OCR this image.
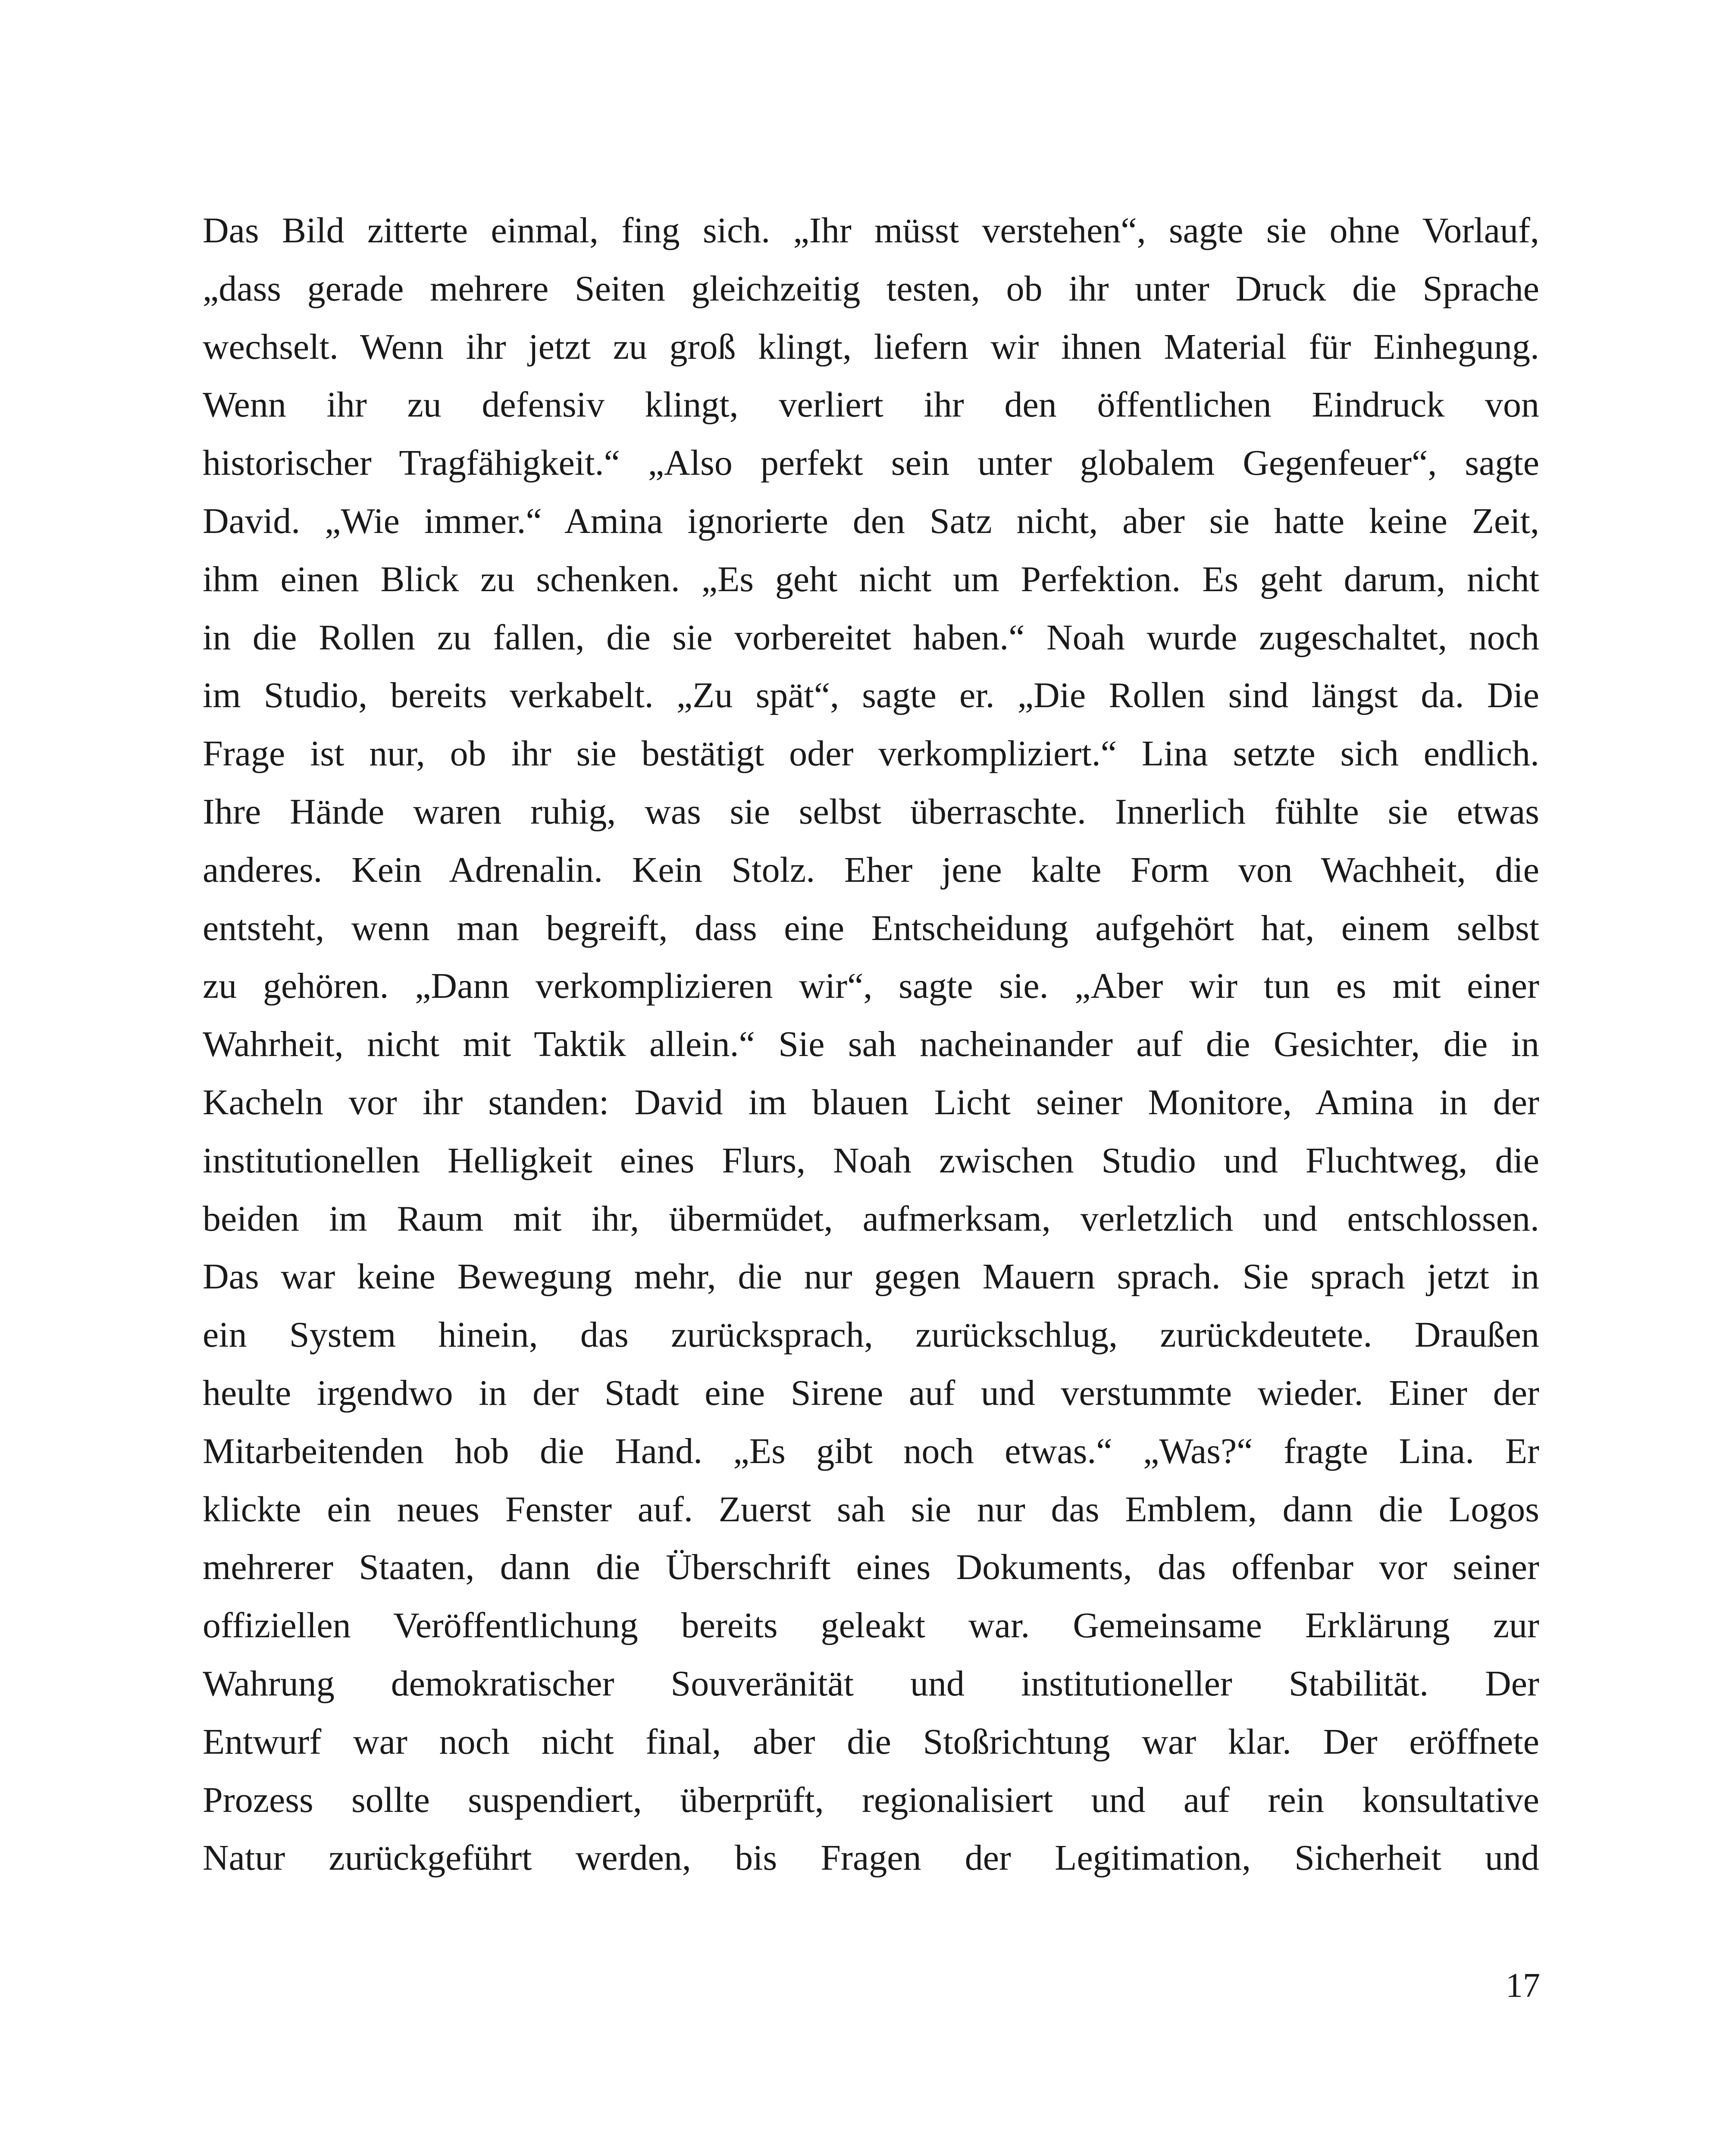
Das Bild zitterte einmal, fing sich. „Ihr müsst verstehen“, sagte sie ohne Vorlauf,
„dass gerade mehrere Seiten gleichzeitig testen, ob ihr unter Druck die Sprache
wechselt. Wenn ihr jetzt zu groß klingt, liefern wir ihnen Material für Einhegung.
Wenn ihr zu defensiv klingt, verliert ihr den öffentlichen Eindruck von
historischer Tragfähigkeit.“ „Also perfekt sein unter globalem Gegenfeuer“, sagte
David. „Wie immer.“ Amina ignorierte den Satz nicht, aber sie hatte keine Zeit,
ihm einen Blick zu schenken. „Es geht nicht um Perfektion. Es geht darum, nicht
in die Rollen zu fallen, die sie vorbereitet haben.“ Noah wurde zugeschaltet, noch
im Studio, bereits verkabelt. „Zu spät“, sagte er. „Die Rollen sind längst da. Die
Frage ist nur, ob ihr sie bestätigt oder verkompliziert.“ Lina setzte sich endlich.
Ihre Hände waren ruhig, was sie selbst überraschte. Innerlich fühlte sie etwas
anderes. Kein Adrenalin. Kein Stolz. Eher jene kalte Form von Wachheit, die
entsteht, wenn man begreift, dass eine Entscheidung aufgehört hat, einem selbst
zu gehören. „Dann verkomplizieren wir“, sagte sie. „Aber wir tun es mit einer
Wahrheit, nicht mit Taktik allein.“ Sie sah nacheinander auf die Gesichter, die in
Kacheln vor ihr standen: David im blauen Licht seiner Monitore, Amina in der
institutionellen Helligkeit eines Flurs, Noah zwischen Studio und Fluchtweg, die
beiden im Raum mit ihr, übermüdet, aufmerksam, verletzlich und entschlossen.
Das war keine Bewegung mehr, die nur gegen Mauern sprach. Sie sprach jetzt in
ein System hinein, das zurücksprach, zurückschlug, zurückdeutete. Draußen
heulte irgendwo in der Stadt eine Sirene auf und verstummte wieder. Einer der
Mitarbeitenden hob die Hand. „Es gibt noch etwas.“ „Was?“ fragte Lina. Er
klickte ein neues Fenster auf. Zuerst sah sie nur das Emblem, dann die Logos
mehrerer Staaten, dann die Überschrift eines Dokuments, das offenbar vor seiner
offiziellen Veröffentlichung bereits geleakt war. Gemeinsame Erklärung zur
Wahrung demokratischer Souveränität und institutioneller Stabilität. Der
Entwurf war noch nicht final, aber die Stoßrichtung war klar. Der eröffnete
Prozess sollte suspendiert, überprüft, regionalisiert und auf rein konsultative
Natur zurückgeführt werden, bis Fragen der Legitimation, Sicherheit und
17
